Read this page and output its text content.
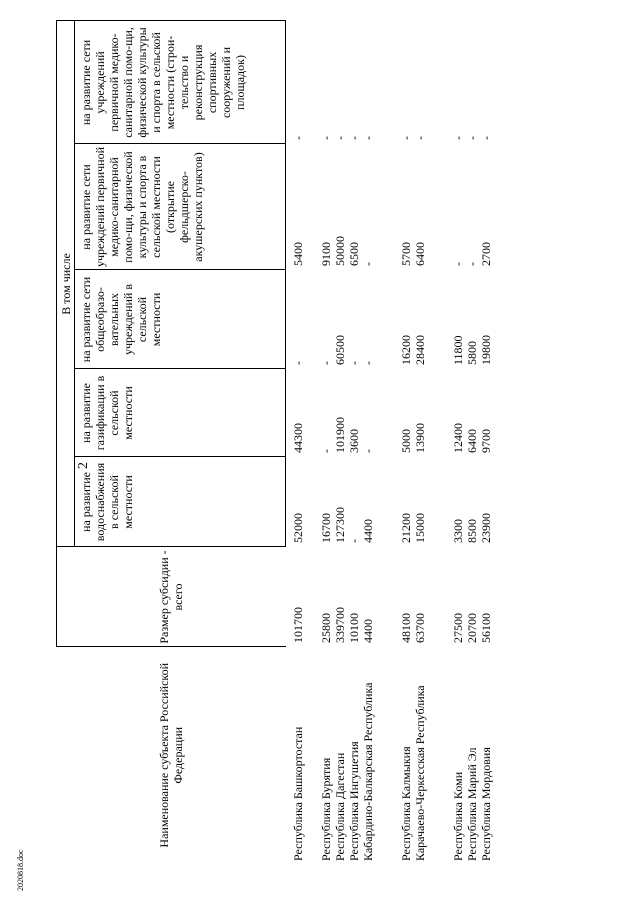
2
2020818.doc
Наименование субъекта Российской Федерации	Размер субсидии - всего	В том числе				
		на развитие водоснабжения в сельской местности	на развитие газификации в сельской местности	на развитие сети общеобразо-вательных учреждений в сельской местности	на развитие сети учреждений первичной медико-санитарной помо-щи, физической культуры и спорта в сельской местности (открытие фельдшерско-акушерских пунктов)	на развитие сети учреждений первичной медико-санитарной помо-щи, физической культуры и спорта в сельской местности (строи-тельство и реконструкция спортивных сооружений и площадок)

Республика Башкортостан	101700	52000	44300	-	5400	-
Республика Бурятия	25800	16700	-	-	9100	-
Республика Дагестан	339700	127300	101900	60500	50000	-
Республика Ингушетия	10100	-	3600	-	6500	-
Кабардино-Балкарская Республика	4400	4400	-	-	-	-
Республика Калмыкия	48100	21200	5000	16200	5700	-
Карачаево-Черкесская Республика	63700	15000	13900	28400	6400	-
Республика Коми	27500	3300	12400	11800	-	-
Республика Марий Эл	20700	8500	6400	5800	-	-
Республика Мордовия	56100	23900	9700	19800	2700	-
